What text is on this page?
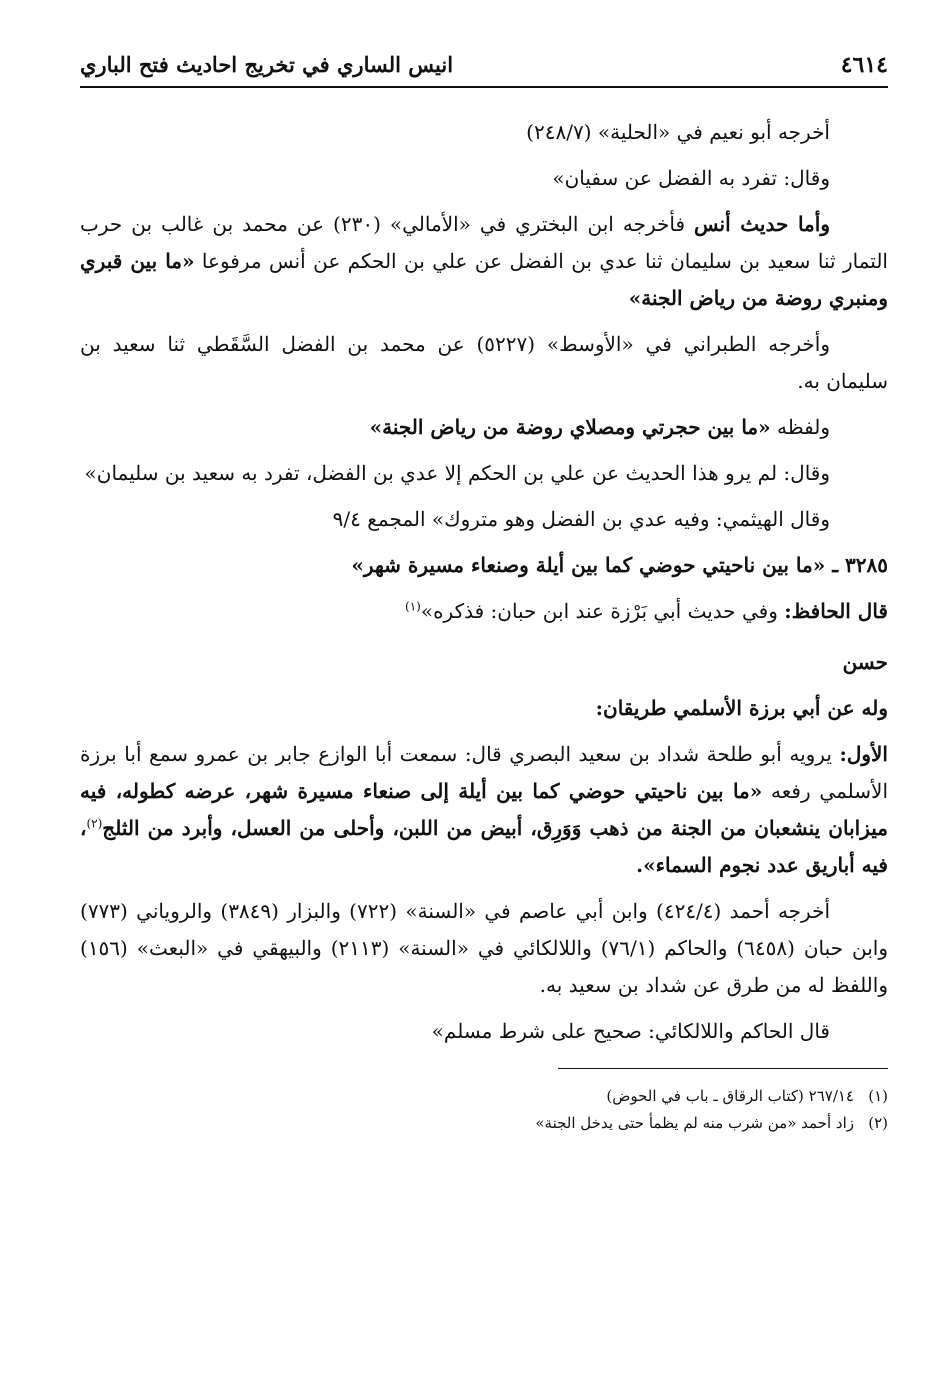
٤٦١٤
انيس الساري في تخريج احاديث فتح الباري

أخرجه أبو نعيم في «الحلية» (٢٤٨/٧)

وقال: تفرد به الفضل عن سفيان»

وأما حديث أنس فأخرجه ابن البختري في «الأمالي» (٢٣٠) عن محمد بن غالب بن حرب التمار ثنا سعيد بن سليمان ثنا عدي بن الفضل عن علي بن الحكم عن أنس مرفوعا «ما بين قبري ومنبري روضة من رياض الجنة»

وأخرجه الطبراني في «الأوسط» (٥٢٢٧) عن محمد بن الفضل السَّقَطي ثنا سعيد بن سليمان به.

ولفظه «ما بين حجرتي ومصلاي روضة من رياض الجنة»

وقال: لم يرو هذا الحديث عن علي بن الحكم إلا عدي بن الفضل، تفرد به سعيد بن سليمان»

وقال الهيثمي: وفيه عدي بن الفضل وهو متروك» المجمع ٩/٤

٣٢٨٥ ـ «ما بين ناحيتي حوضي كما بين أيلة وصنعاء مسيرة شهر»

قال الحافظ: وفي حديث أبي بَرْزة عند ابن حبان: فذكره»$^{(١)}$

حسن

وله عن أبي برزة الأسلمي طريقان:

الأول: يرويه أبو طلحة شداد بن سعيد البصري قال: سمعت أبا الوازع جابر بن عمرو سمع أبا برزة الأسلمي رفعه «ما بين ناحيتي حوضي كما بين أيلة إلى صنعاء مسيرة شهر، عرضه كطوله، فيه ميزابان ينشعبان من الجنة من ذهب وَوَرِق، أبيض من اللبن، وأحلى من العسل، وأبرد من الثلج$^{(٢)}$، فيه أباريق عدد نجوم السماء».

أخرجه أحمد (٤٢٤/٤) وابن أبي عاصم في «السنة» (٧٢٢) والبزار (٣٨٤٩) والروياني (٧٧٣) وابن حبان (٦٤٥٨) والحاكم (٧٦/١) واللالكائي في «السنة» (٢١١٣) والبيهقي في «البعث» (١٥٦) واللفظ له من طرق عن شداد بن سعيد به.

قال الحاكم واللالكائي: صحيح على شرط مسلم»

(١)٢٦٧/١٤ (كتاب الرقاق ـ باب في الحوض)

(٢)زاد أحمد «من شرب منه لم يظمأ حتى يدخل الجنة»
